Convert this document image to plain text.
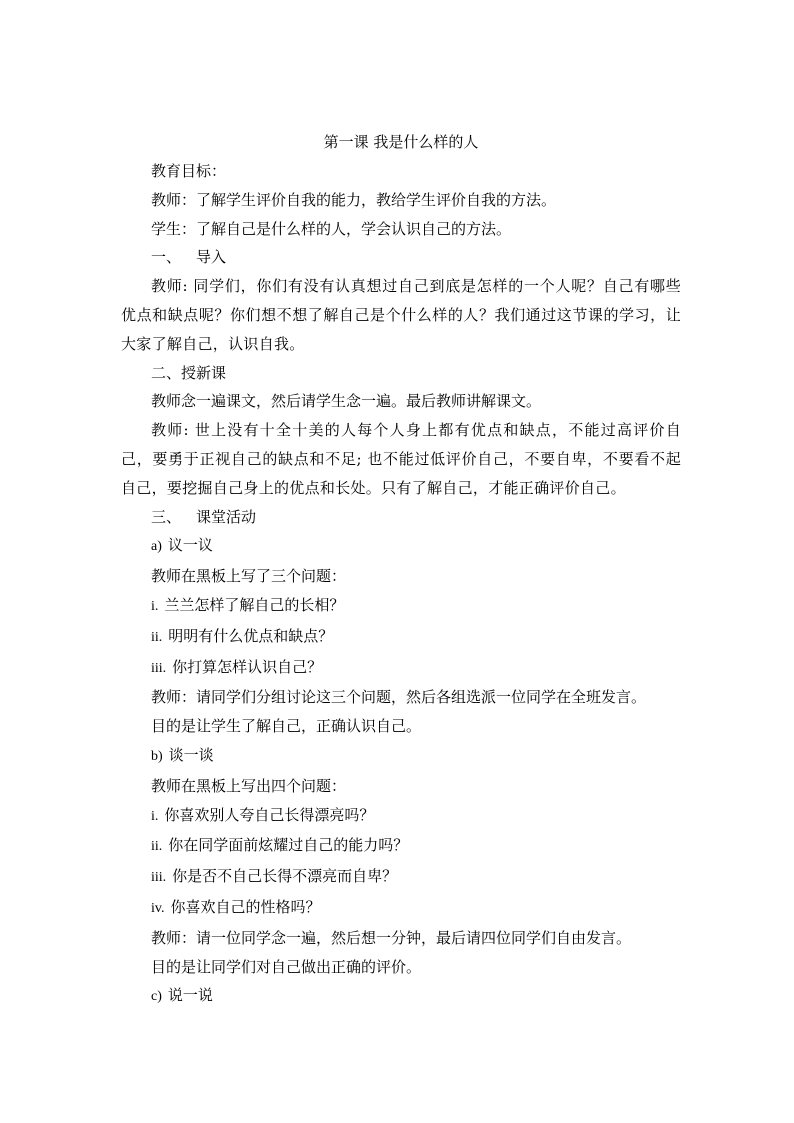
第一课 我是什么样的人

教育目标：

教师：了解学生评价自我的能力，教给学生评价自我的方法。

学生：了解自己是什么样的人，学会认识自己的方法。

一、 导入

教师: 同学们，你们有没有认真想过自己到底是怎样的一个人呢？自己有哪些优点和缺点呢？你们想不想了解自己是个什么样的人？我们通过这节课的学习，让大家了解自己，认识自我。

二、授新课

教师念一遍课文，然后请学生念一遍。最后教师讲解课文。

教师: 世上没有十全十美的人每个人身上都有优点和缺点，不能过高评价自己，要勇于正视自己的缺点和不足; 也不能过低评价自己，不要自卑，不要看不起自己，要挖掘自己身上的优点和长处。只有了解自己，才能正确评价自己。

三、 课堂活动

a) 议一议

教师在黑板上写了三个问题：

i. 兰兰怎样了解自己的长相？

ii. 明明有什么优点和缺点？

iii. 你打算怎样认识自己？

教师：请同学们分组讨论这三个问题，然后各组选派一位同学在全班发言。

目的是让学生了解自己，正确认识自己。

b) 谈一谈

教师在黑板上写出四个问题：

i. 你喜欢别人夸自己长得漂亮吗？

ii. 你在同学面前炫耀过自己的能力吗？

iii. 你是否不自己长得不漂亮而自卑？

iv. 你喜欢自己的性格吗？

教师：请一位同学念一遍，然后想一分钟，最后请四位同学们自由发言。

目的是让同学们对自己做出正确的评价。

c) 说一说
